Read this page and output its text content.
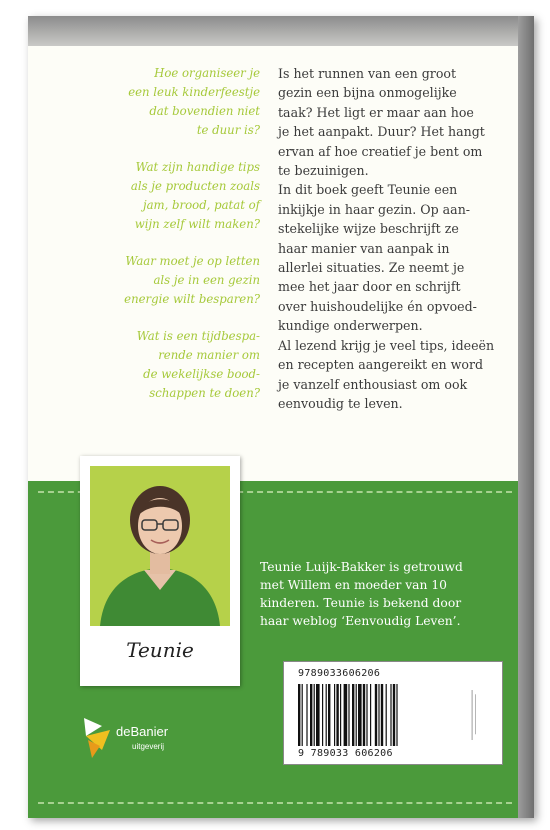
Hoe organiseer je
een leuk kinderfeestje
dat bovendien niet
te duur is?

Wat zijn handige tips
als je producten zoals
jam, brood, patat of
wijn zelf wilt maken?

Waar moet je op letten
als je in een gezin
energie wilt besparen?

Wat is een tijdbespa-
rende manier om
de wekelijkse bood-
schappen te doen?

Is het runnen van een groot
gezin een bijna onmogelijke
taak? Het ligt er maar aan hoe
je het aanpakt. Duur? Het hangt
ervan af hoe creatief je bent om
te bezuinigen.

In dit boek geeft Teunie een
inkijkje in haar gezin. Op aan-
stekelijke wijze beschrijft ze
haar manier van aanpak in
allerlei situaties. Ze neemt je
mee het jaar door en schrijft
over huishoudelijke én opvoed-
kundige onderwerpen.

Al lezend krijg je veel tips, ideeën
en recepten aangereikt en word
je vanzelf enthousiast om ook
eenvoudig te leven.

Teunie
Teunie Luijk-Bakker is getrouwd
met Willem en moeder van 10
kinderen. Teunie is bekend door
haar weblog ‘Eenvoudig Leven’.
9789033606206
9 789033 606206
deBanier
uitgeverij
